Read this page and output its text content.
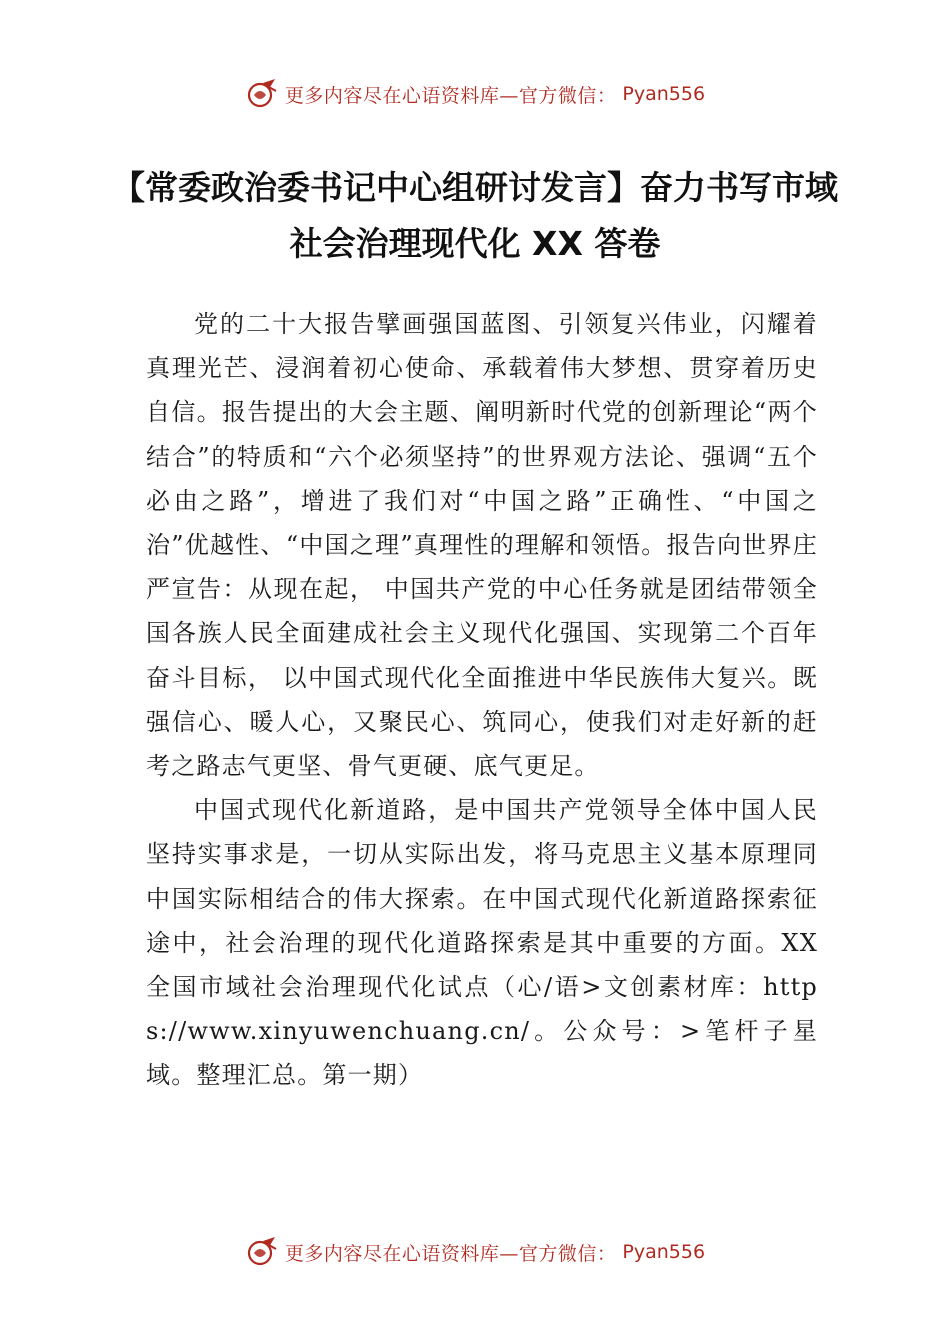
更多内容尽在心语资料库—官方微信： Pyan556
【常委政治委书记中心组研讨发言】奋力书写市域社会治理现代化 XX 答卷

党的二十大报告擘画强国蓝图、引领复兴伟业，闪耀着真理光芒、浸润着初心使命、承载着伟大梦想、贯穿着历史自信。报告提出的大会主题、阐明新时代党的创新理论“两个结合”的特质和“六个必须坚持”的世界观方法论、强调“五个必由之路”，增进了我们对“中国之路”正确性、“中国之治”优越性、“中国之理”真理性的理解和领悟。报告向世界庄严宣告：从现在起， 中国共产党的中心任务就是团结带领全国各族人民全面建成社会主义现代化强国、实现第二个百年奋斗目标， 以中国式现代化全面推进中华民族伟大复兴。既强信心、暖人心，又聚民心、筑同心，使我们对走好新的赶考之路志气更坚、骨气更硬、底气更足。

中国式现代化新道路，是中国共产党领导全体中国人民坚持实事求是，一切从实际出发，将马克思主义基本原理同中国实际相结合的伟大探索。在中国式现代化新道路探索征途中，社会治理的现代化道路探索是其中重要的方面。XX 全国市域社会治理现代化试点（心/语>文创素材库：https://www.xinyuwenchuang.cn/。公众号：>笔杆子星域。整理汇总。第一期）

更多内容尽在心语资料库—官方微信： Pyan556
